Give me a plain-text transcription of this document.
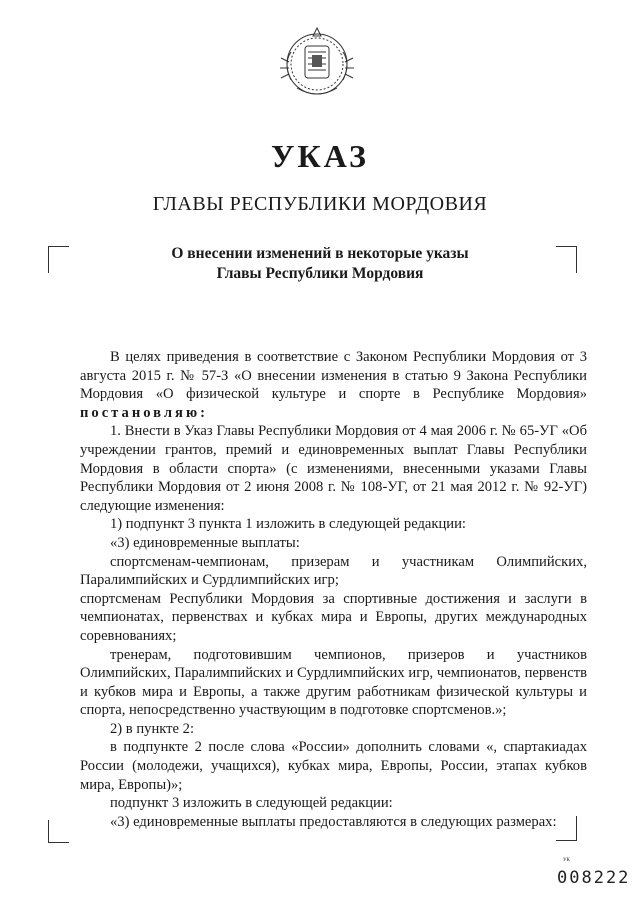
УКАЗ
ГЛАВЫ РЕСПУБЛИКИ МОРДОВИЯ
О внесении изменений в некоторые указы
Главы Республики Мордовия

В целях приведения в соответствие с Законом Республики Мордовия от 3 августа 2015 г. № 57-З «О внесении изменения в статью 9 Закона Республики Мордовия «О физической культуре и спорте в Республике Мордовия» постановляю:

1. Внести в Указ Главы Республики Мордовия от 4 мая 2006 г. № 65-УГ «Об учреждении грантов, премий и единовременных выплат Главы Республики Мордовия в области спорта» (с изменениями, внесенными указами Главы Республики Мордовия от 2 июня 2008 г. № 108-УГ, от 21 мая 2012 г. № 92-УГ) следующие изменения:

1) подпункт 3 пункта 1 изложить в следующей редакции:

«3) единовременные выплаты:

спортсменам-чемпионам, призерам и участникам Олимпийских, Паралимпийских и Сурдлимпийских игр;

спортсменам Республики Мордовия за спортивные достижения и заслуги в чемпионатах, первенствах и кубках мира и Европы, других международных соревнованиях;

тренерам, подготовившим чемпионов, призеров и участников Олимпийских, Паралимпийских и Сурдлимпийских игр, чемпионатов, первенств и кубков мира и Европы, а также другим работникам физической культуры и спорта, непосредственно участвующим в подготовке спортсменов.»;

2) в пункте 2:

в подпункте 2 после слова «России» дополнить словами «, спартакиадах России (молодежи, учащихся), кубках мира, Европы, России, этапах кубков мира, Европы)»;

подпункт 3 изложить в следующей редакции:

«3) единовременные выплаты предоставляются в следующих размерах:

УК
008222
